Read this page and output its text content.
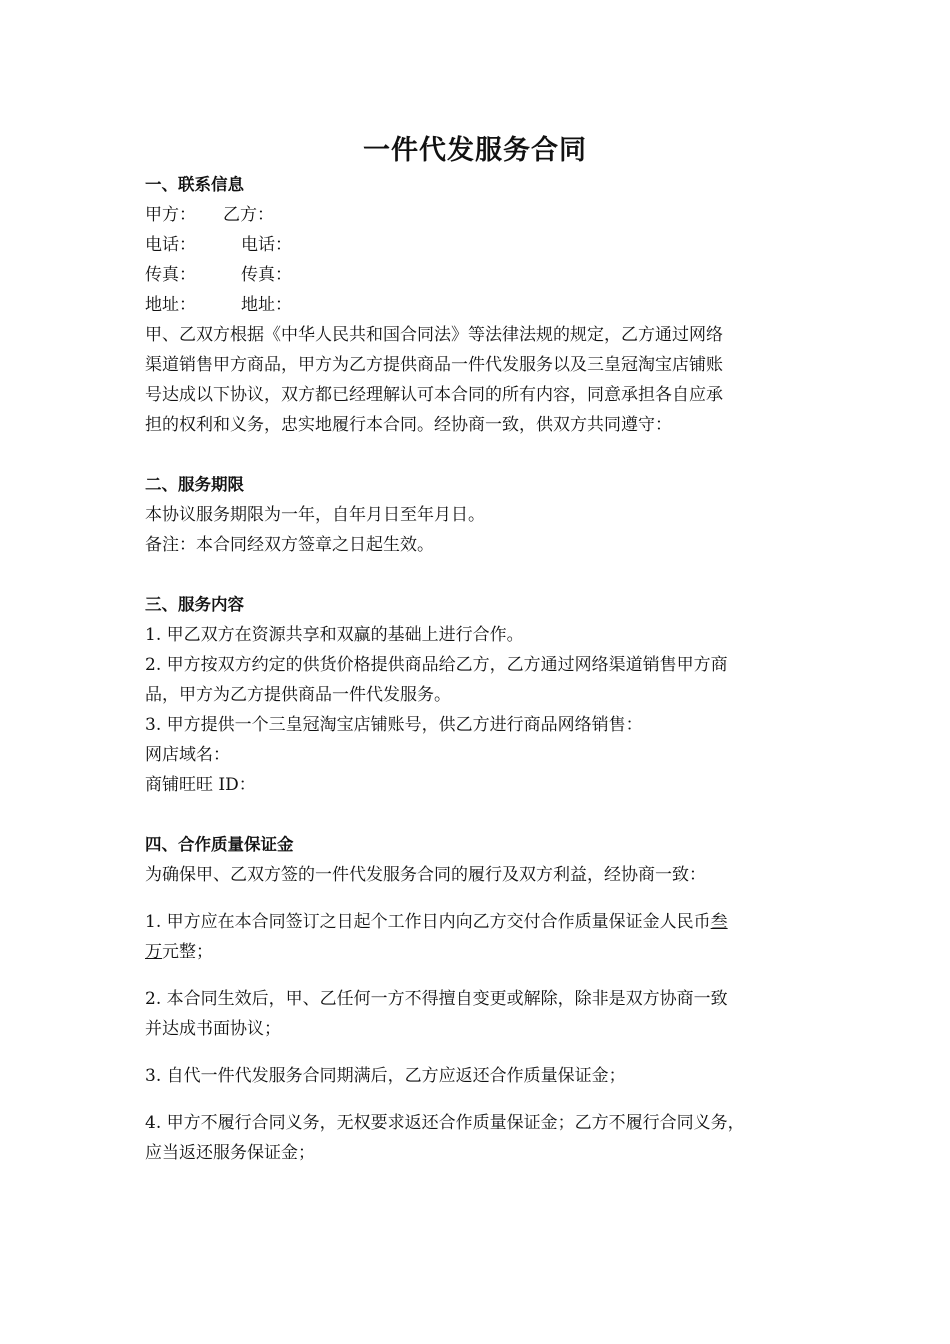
一件代发服务合同
一、联系信息
甲方： 乙方：
电话：	电话：
传真：	传真：
地址：	地址：
甲、乙双方根据《中华人民共和国合同法》等法律法规的规定，乙方通过网络
渠道销售甲方商品，甲方为乙方提供商品一件代发服务以及三皇冠淘宝店铺账
号达成以下协议，双方都已经理解认可本合同的所有内容，同意承担各自应承
担的权利和义务，忠实地履行本合同。经协商一致，供双方共同遵守：
二、服务期限
本协议服务期限为一年，自年月日至年月日。
备注：本合同经双方签章之日起生效。
三、服务内容
1. 甲乙双方在资源共享和双赢的基础上进行合作。
2. 甲方按双方约定的供货价格提供商品给乙方，乙方通过网络渠道销售甲方商
品，甲方为乙方提供商品一件代发服务。
3. 甲方提供一个三皇冠淘宝店铺账号，供乙方进行商品网络销售：
网店域名：
商铺旺旺 ID：
四、合作质量保证金
为确保甲、乙双方签的一件代发服务合同的履行及双方利益，经协商一致：
1. 甲方应在本合同签订之日起个工作日内向乙方交付合作质量保证金人民币叁
万元整；
2. 本合同生效后，甲、乙任何一方不得擅自变更或解除，除非是双方协商一致
并达成书面协议；
3. 自代一件代发服务合同期满后，乙方应返还合作质量保证金；
4. 甲方不履行合同义务，无权要求返还合作质量保证金；乙方不履行合同义务，
应当返还服务保证金；
